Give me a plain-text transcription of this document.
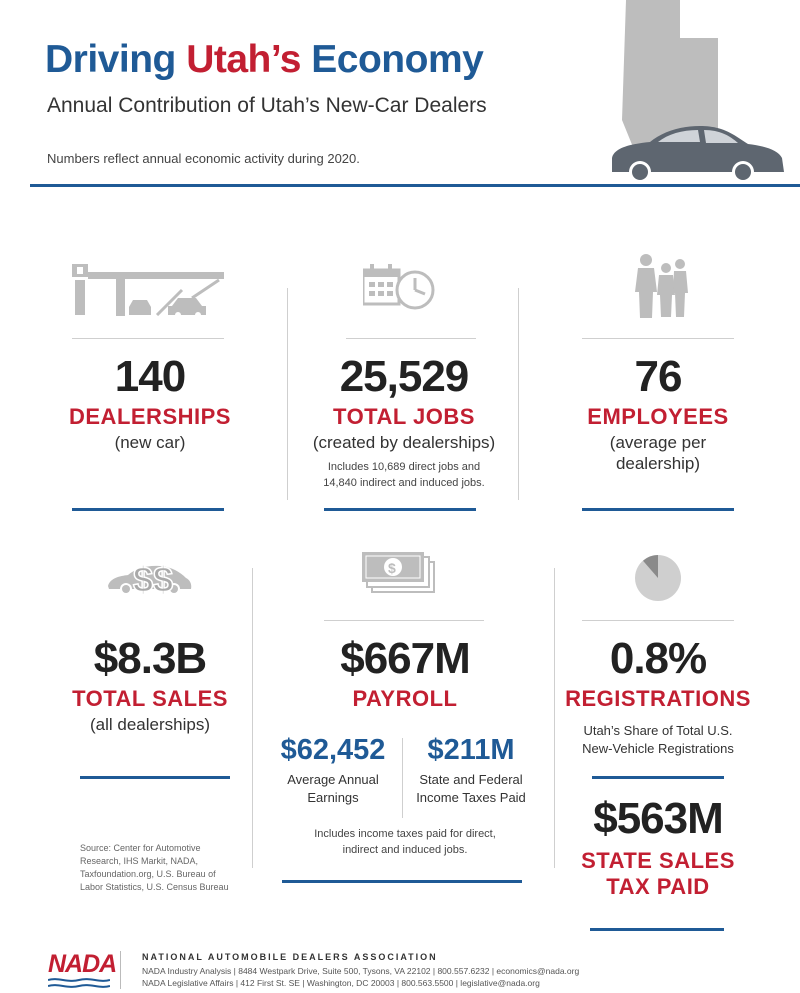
Driving Utah’s Economy
Annual Contribution of Utah’s New-Car Dealers
Numbers reflect annual economic activity during 2020.
140
DEALERSHIPS
(new car)
25,529
TOTAL JOBS
(created by dealerships)
Includes 10,689 direct jobs and
14,840 indirect and induced jobs.
76
EMPLOYEES
(average per
dealership)
$$	$
$8.3B
TOTAL SALES
(all dealerships)
$667M
PAYROLL
0.8%
REGISTRATIONS
Utah’s Share of Total U.S.
New-Vehicle Registrations
$62,452
Average Annual
Earnings
$211M
State and Federal
Income Taxes Paid
Includes income taxes paid for direct,
indirect and induced jobs.
$563M
STATE SALES
TAX PAID
Source: Center for Automotive
Research, IHS Markit, NADA,
Taxfoundation.org, U.S. Bureau of
Labor Statistics, U.S. Census Bureau
NADA	NATIONAL AUTOMOBILE DEALERS ASSOCIATION
NADA Industry Analysis | 8484 Westpark Drive, Suite 500, Tysons, VA 22102 | 800.557.6232 | economics@nada.org
NADA Legislative Affairs | 412 First St. SE | Washington, DC 20003 | 800.563.5500 | legislative@nada.org
